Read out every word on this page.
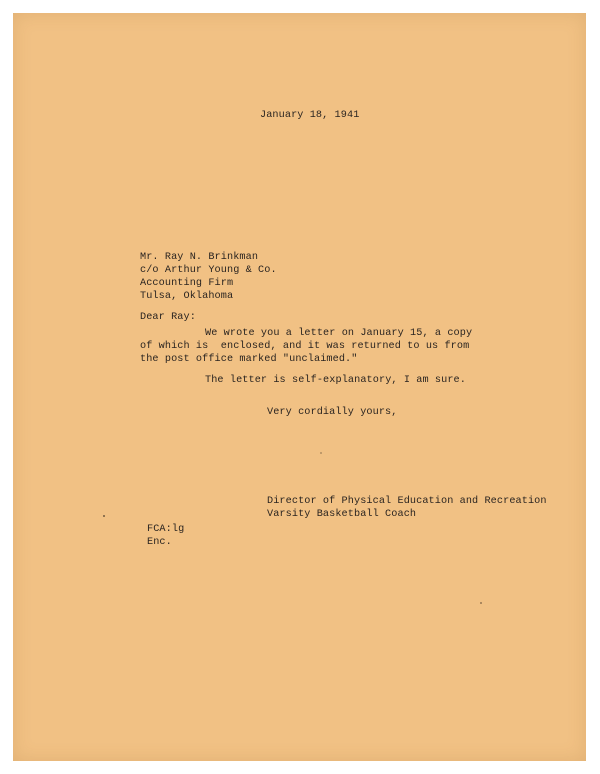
January 18, 1941
Mr. Ray N. Brinkman
c/o Arthur Young & Co.
Accounting Firm
Tulsa, Oklahoma
Dear Ray:
We wrote you a letter on January 15, a copy
of which is  enclosed, and it was returned to us from
the post office marked "unclaimed."
The letter is self-explanatory, I am sure.
Very cordially yours,
Director of Physical Education and Recreation
Varsity Basketball Coach
FCA:lg
Enc.
